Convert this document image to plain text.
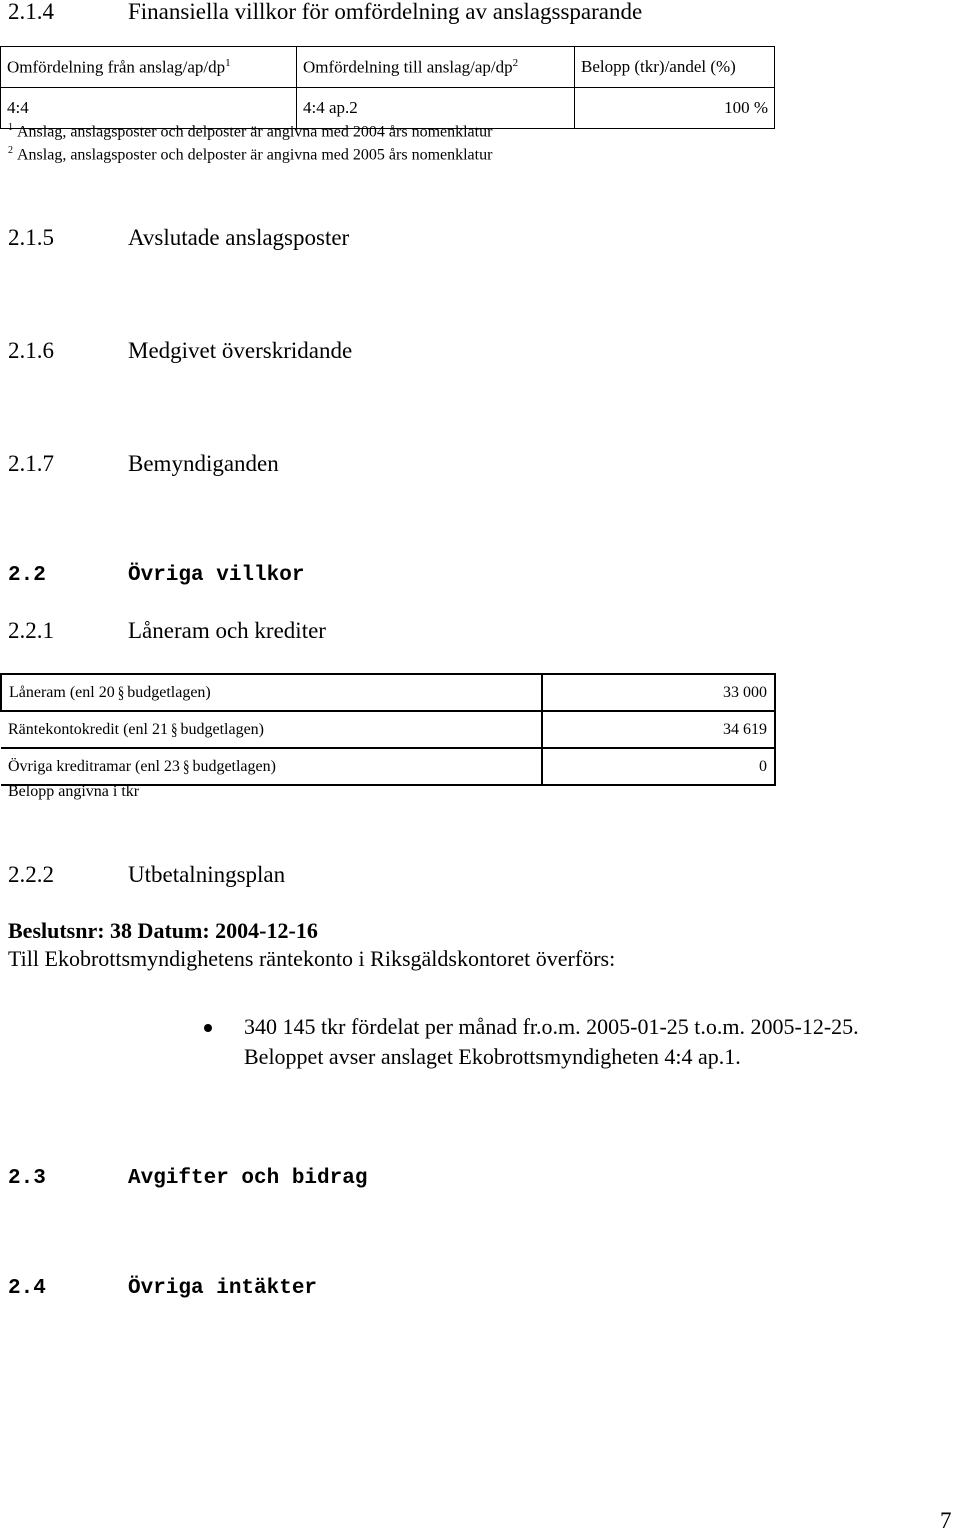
2.1.4	Finansiella villkor för omfördelning av anslagssparande
Omfördelning från anslag/$ap/dp^1$	Omfördelning till anslag/$ap/dp^2$	Belopp (tkr)/andel (%)
4:4	4:4 ap.2	100 %
$^1$ Anslag, anslagsposter och delposter är angivna med 2004 års nomenklatur
$^2$ Anslag, anslagsposter och delposter är angivna med 2005 års nomenklatur
2.1.5	Avslutade anslagsposter
2.1.6	Medgivet överskridande
2.1.7	Bemyndiganden
2.2	Övriga villkor
2.2.1	Låneram och krediter
Låneram (enl 20 § budgetlagen)	33 000
Räntekontokredit (enl 21 § budgetlagen)	34 619
Övriga kreditramar (enl 23 § budgetlagen)	0
Belopp angivna i tkr
2.2.2	Utbetalningsplan
Beslutsnr: 38 Datum: 2004-12-16
Till Ekobrottsmyndighetens räntekonto i Riksgäldskontoret överförs:
340 145 tkr fördelat per månad fr.o.m. 2005-01-25 t.o.m. 2005-12-25.
Beloppet avser anslaget Ekobrottsmyndigheten 4:4 ap.1.
2.3	Avgifter och bidrag
2.4	Övriga intäkter
7
